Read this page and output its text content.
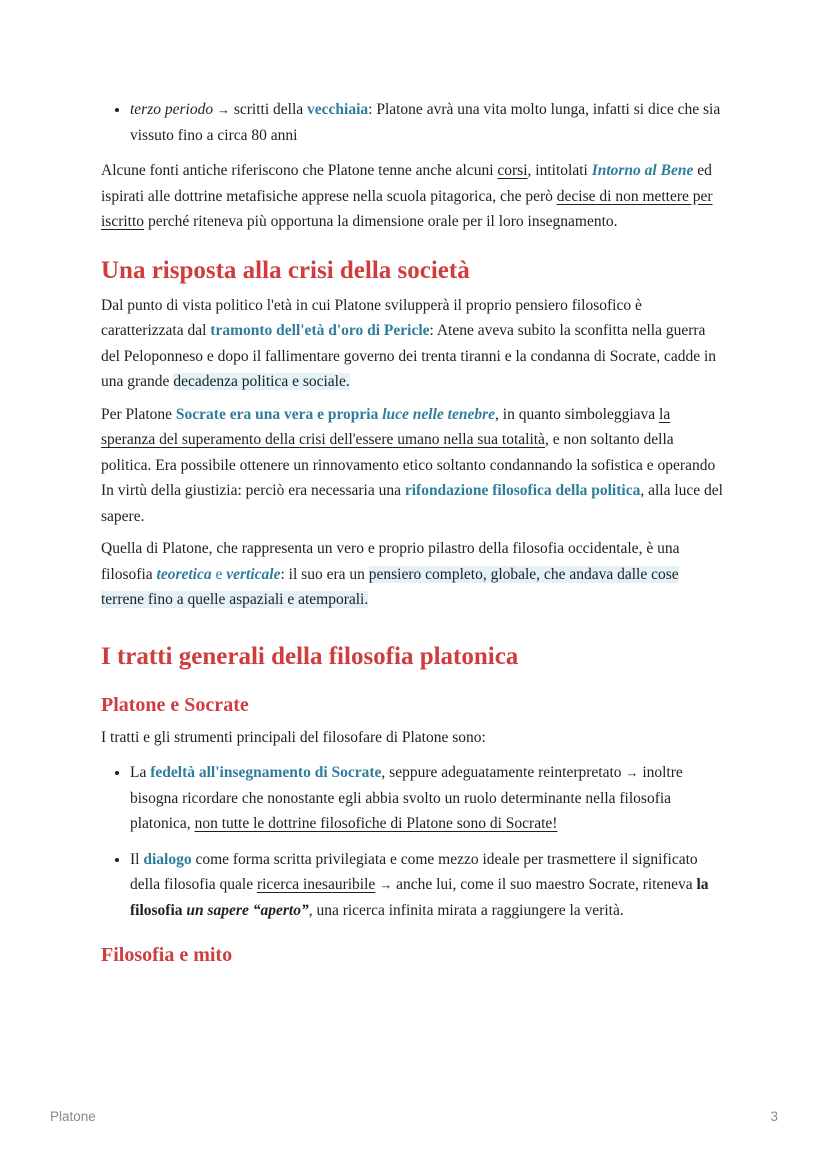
• terzo periodo → scritti della vecchiaia: Platone avrà una vita molto lunga, infatti si dice che sia vissuto fino a circa 80 anni

Alcune fonti antiche riferiscono che Platone tenne anche alcuni corsi, intitolati Intorno al Bene ed ispirati alle dottrine metafisiche apprese nella scuola pitagorica, che però decise di non mettere per iscritto perché riteneva più opportuna la dimensione orale per il loro insegnamento.

Una risposta alla crisi della società

Dal punto di vista politico l'età in cui Platone svilupperà il proprio pensiero filosofico è caratterizzata dal tramonto dell'età d'oro di Pericle: Atene aveva subito la sconfitta nella guerra del Peloponneso e dopo il fallimentare governo dei trenta tiranni e la condanna di Socrate, cadde in una grande decadenza politica e sociale.

Per Platone Socrate era una vera e propria luce nelle tenebre, in quanto simboleggiava la speranza del superamento della crisi dell'essere umano nella sua totalità, e non soltanto della politica. Era possibile ottenere un rinnovamento etico soltanto condannando la sofistica e operando In virtù della giustizia: perciò era necessaria una rifondazione filosofica della politica, alla luce del sapere.

Quella di Platone, che rappresenta un vero e proprio pilastro della filosofia occidentale, è una filosofia teoretica e verticale: il suo era un pensiero completo, globale, che andava dalle cose terrene fino a quelle aspaziali e atemporali.

I tratti generali della filosofia platonica
Platone e Socrate

I tratti e gli strumenti principali del filosofare di Platone sono:

• La fedeltà all'insegnamento di Socrate, seppure adeguatamente reinterpretato → inoltre bisogna ricordare che nonostante egli abbia svolto un ruolo determinante nella filosofia platonica, non tutte le dottrine filosofiche di Platone sono di Socrate!
• Il dialogo come forma scritta privilegiata e come mezzo ideale per trasmettere il significato della filosofia quale ricerca inesauribile → anche lui, come il suo maestro Socrate, riteneva la filosofia un sapere “aperto”, una ricerca infinita mirata a raggiungere la verità.
Filosofia e mito
Platone	3
